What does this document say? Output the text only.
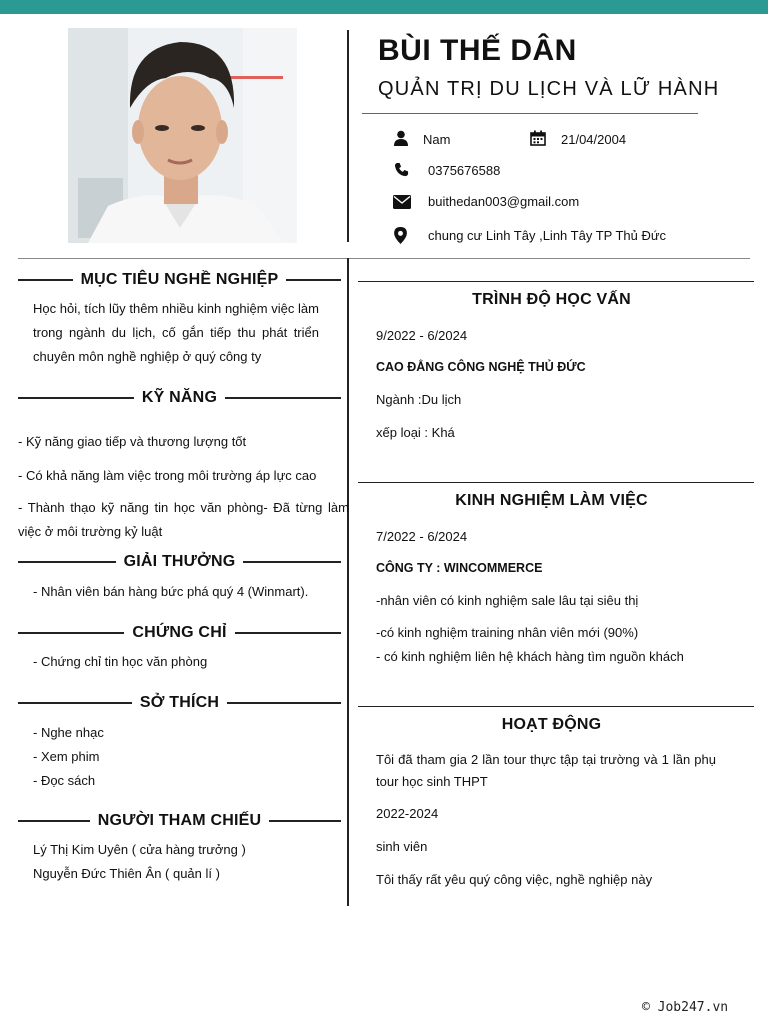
BÙI THẾ DÂN
QUẢN TRỊ DU LỊCH VÀ LỮ HÀNH
Nam	21/04/2004
0375676588
buithedan003@gmail.com
chung cư Linh Tây ,Linh Tây TP Thủ Đức
MỤC TIÊU NGHỀ NGHIỆP
Học hỏi, tích lũy thêm nhiều kinh nghiệm việc làm trong ngành du lịch, cố gắn tiếp thu phát triển chuyên môn nghề nghiệp ở quý công ty
KỸ NĂNG
- Kỹ năng giao tiếp và thương lượng tốt
- Có khả năng làm việc trong môi trường áp lực cao
- Thành thạo kỹ năng tin học văn phòng- Đã từng làm việc ở môi trường kỷ luật
GIẢI THƯỞNG
- Nhân viên bán hàng bức phá quý 4 (Winmart).
CHỨNG CHỈ
- Chứng chỉ tin học văn phòng
SỞ THÍCH
- Nghe nhạc
- Xem phim
- Đọc sách
NGƯỜI THAM CHIẾU
Lý Thị Kim Uyên ( cửa hàng trưởng )
Nguyễn Đức Thiên Ân ( quản lí )
TRÌNH ĐỘ HỌC VẤN
9/2022 - 6/2024
CAO ĐẲNG CÔNG NGHỆ THỦ ĐỨC
Ngành :Du lịch
xếp loại : Khá
KINH NGHIỆM LÀM VIỆC
7/2022 - 6/2024
CÔNG TY : WINCOMMERCE
-nhân viên có kinh nghiệm sale lâu tại siêu thị
-có kinh nghiệm training nhân viên mới (90%)
- có kinh nghiệm liên hệ khách hàng tìm nguồn khách
HOẠT ĐỘNG
Tôi đã tham gia 2 lần tour thực tập tại trường và 1 lần phụ tour học sinh THPT
2022-2024
sinh viên
Tôi thấy rất yêu quý công việc, nghề nghiệp này
© Job247.vn
